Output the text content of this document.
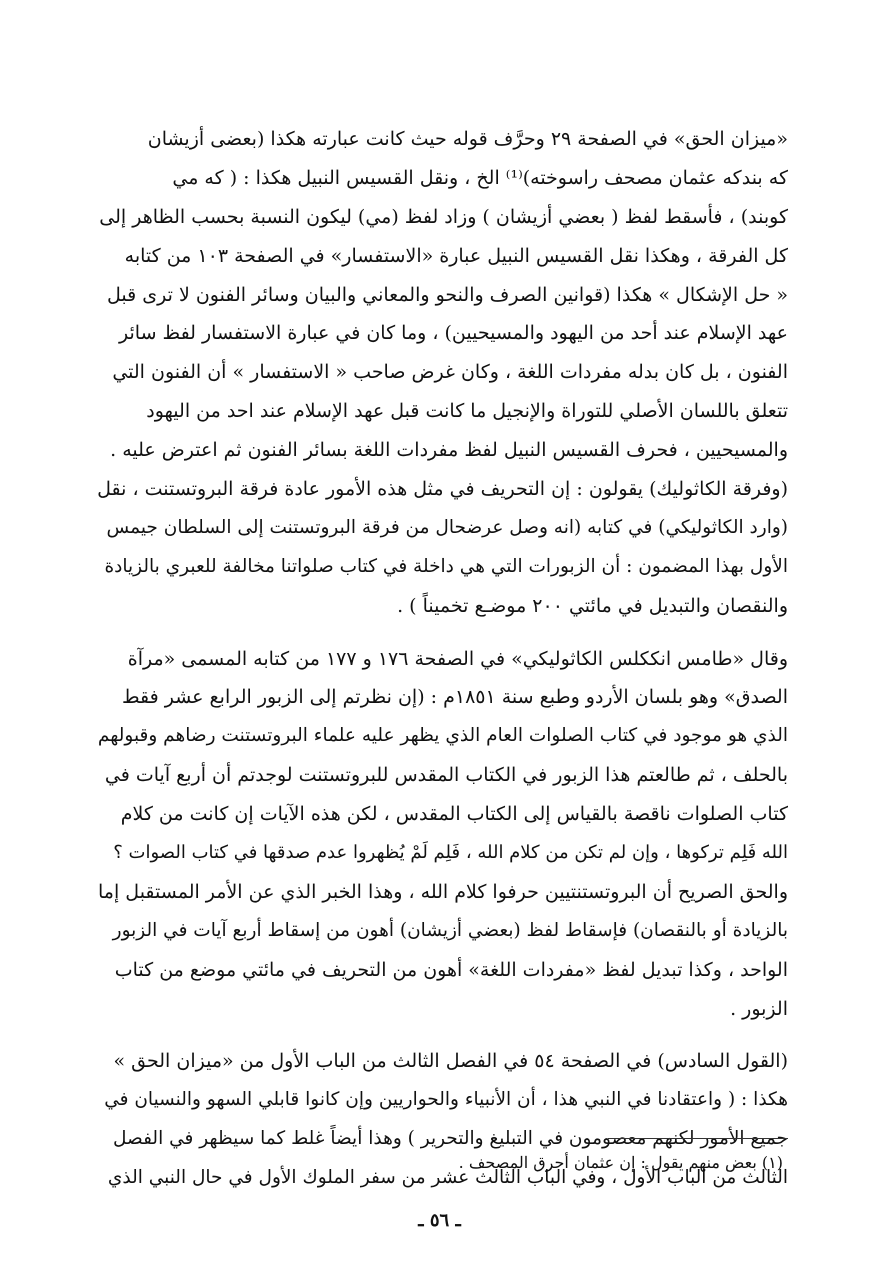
«ميزان الحق» في الصفحة ٢٩ وحرَّف قوله حيث كانت عبارته هكذا (بعضى أزيشان
كه بندكه عثمان مصحف راسوخته)⁽¹⁾ الخ ، ونقل القسيس النبيل هكذا : ( كه مي
كوبند) ، فأسقط لفظ ( بعضي أزيشان ) وزاد لفظ (مي) ليكون النسبة بحسب الظاهر إلى
كل الفرقة ، وهكذا نقل القسيس النبيل عبارة «الاستفسار» في الصفحة ١٠٣ من كتابه
« حل الإشكال » هكذا (قوانين الصرف والنحو والمعاني والبيان وسائر الفنون لا ترى قبل
عهد الإسلام عند أحد من اليهود والمسيحيين) ، وما كان في عبارة الاستفسار لفظ سائر
الفنون ، بل كان بدله مفردات اللغة ، وكان غرض صاحب « الاستفسار » أن الفنون التي
تتعلق باللسان الأصلي للتوراة والإنجيل ما كانت قبل عهد الإسلام عند احد من اليهود
والمسيحيين ، فحرف القسيس النبيل لفظ مفردات اللغة بسائر الفنون ثم اعترض عليه .
(وفرقة الكاثوليك) يقولون : إن التحريف في مثل هذه الأمور عادة فرقة البروتستنت ، نقل
(وارد الكاثوليكي) في كتابه (انه وصل عرضحال من فرقة البروتستنت إلى السلطان جيمس
الأول بهذا المضمون : أن الزبورات التي هي داخلة في كتاب صلواتنا مخالفة للعبري بالزيادة
والنقصان والتبديل في مائتي ٢٠٠ موضـع تخميناً ) .
وقال «طامس انككلس الكاثوليكي» في الصفحة ١٧٦ و ١٧٧ من كتابه المسمى «مرآة
الصدق» وهو بلسان الأردو وطبع سنة ١٨٥١م : (إن نظرتم إلى الزبور الرابع عشر فقط
الذي هو موجود في كتاب الصلوات العام الذي يظهر عليه علماء البروتستنت رضاهم وقبولهم
بالحلف ، ثم طالعتم هذا الزبور في الكتاب المقدس للبروتستنت لوجدتم أن أربع آيات في
كتاب الصلوات ناقصة بالقياس إلى الكتاب المقدس ، لكن هذه الآيات إن كانت من كلام
الله فَلِم تركوها ، وإن لم تكن من كلام الله ، فَلِم لَمْ يُظهروا عدم صدقها في كتاب الصوات ؟
والحق الصريح أن البروتستنتيين حرفوا كلام الله ، وهذا الخبر الذي عن الأمر المستقبل إما
بالزيادة أو بالنقصان) فإسقاط لفظ (بعضي أزيشان) أهون من إسقاط أربع آيات في الزبور
الواحد ، وكذا تبديل لفظ «مفردات اللغة» أهون من التحريف في مائتي موضع من كتاب
الزبور .
(القول السادس) في الصفحة ٥٤ في الفصل الثالث من الباب الأول من «ميزان الحق »
هكذا : ( واعتقادنا في النبي هذا ، أن الأنبياء والحواريين وإن كانوا قابلي السهو والنسيان في
جميع الأمور لكنهم معصومون في التبليغ والتحرير ) وهذا أيضاً غلط كما سيظهر في الفصل
الثالث من الباب الأول ، وفي الباب الثالث عشر من سفر الملوك الأول في حال النبي الذي
(١) بعض منهم يقول : إن عثمان أحرق المصحف .
ـ ٥٦ ـ
